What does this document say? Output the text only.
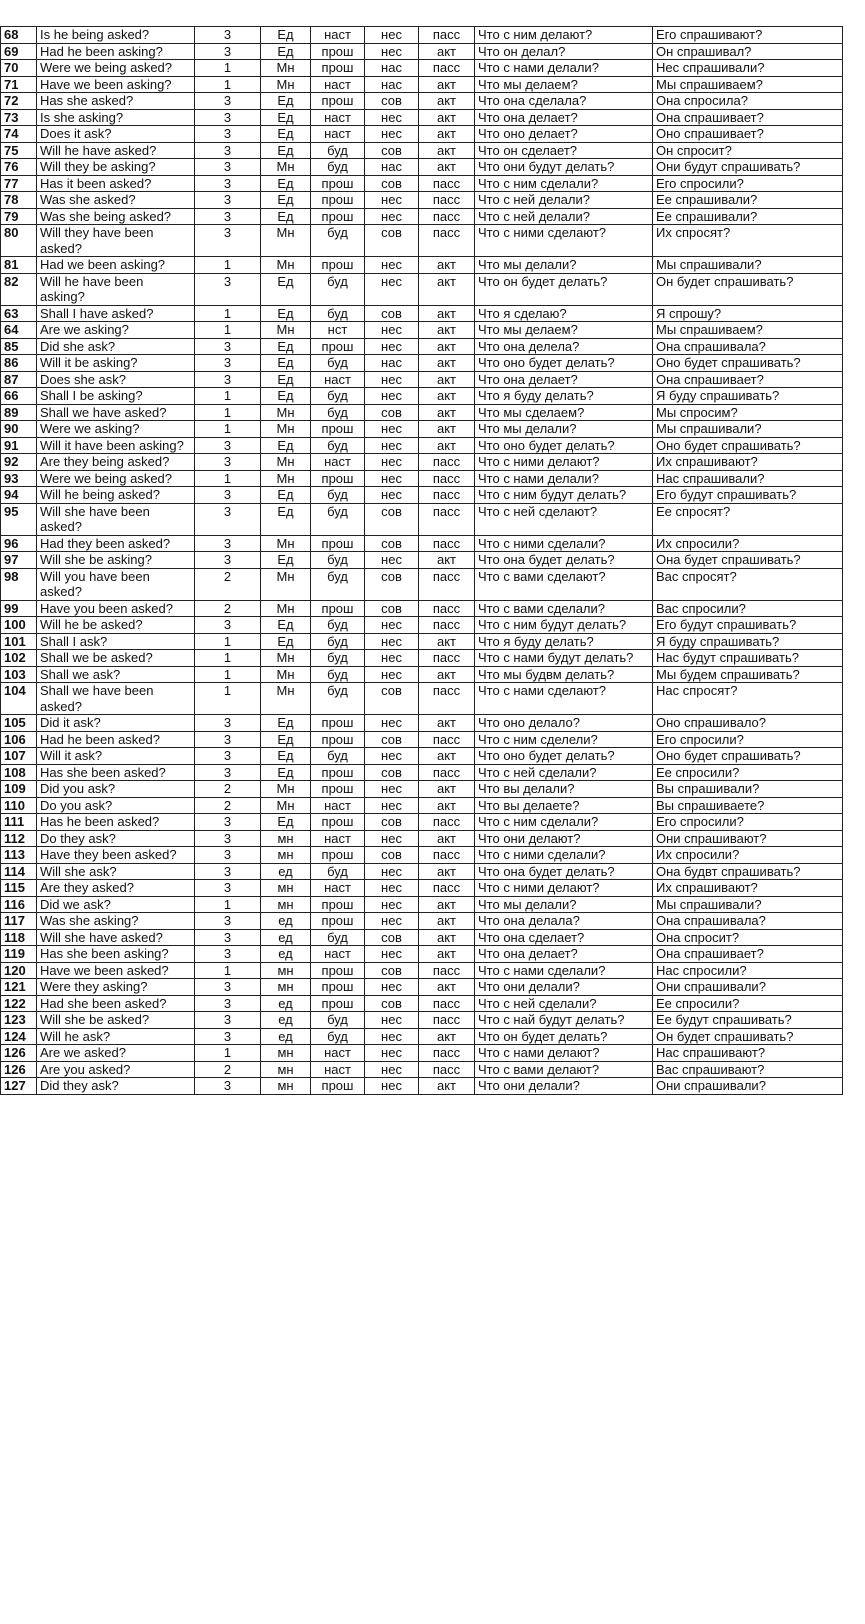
68	Is he being asked?	3	Ед	наст	нес	пасс	Что с ним делают?	Его спрашивают?
69	Had he been asking?	3	Ед	прош	нес	акт	Что он делал?	Он спрашивал?
70	Were we being asked?	1	Мн	прош	нас	пасс	Что с нами делали?	Нес спрашивали?
71	Have we been asking?	1	Мн	наст	нас	акт	Что мы делаем?	Мы спрашиваем?
72	Has she asked?	3	Ед	прош	сов	акт	Что она сделала?	Она спросила?
73	Is she asking?	3	Ед	наст	нес	акт	Что она делает?	Она спрашивает?
74	Does it ask?	3	Ед	наст	нес	акт	Что оно делает?	Оно спрашивает?
75	Will he have asked?	3	Ед	буд	сов	акт	Что он сделает?	Он спросит?
76	Will they be asking?	3	Мн	буд	нас	акт	Что они будут делать?	Они будут спрашивать?
77	Has it been asked?	3	Ед	прош	сов	пасс	Что с ним сделали?	Его спросили?
78	Was she asked?	3	Ед	прош	нес	пасс	Что с ней делали?	Ее спрашивали?
79	Was she being asked?	3	Ед	прош	нес	пасс	Что с ней делали?	Ее спрашивали?
80	Will they have been asked?	3	Мн	буд	сов	пасс	Что с ними сделают?	Их спросят?
81	Had we been asking?	1	Мн	прош	нес	акт	Что мы делали?	Мы спрашивали?
82	Will he have been asking?	3	Ед	буд	нес	акт	Что он будет делать?	Он будет спрашивать?
63	Shall I have asked?	1	Ед	буд	сов	акт	Что я сделаю?	Я спрошу?
64	Are we asking?	1	Мн	нст	нес	акт	Что мы делаем?	Мы спрашиваем?
85	Did she ask?	3	Ед	прош	нес	акт	Что она делела?	Она спрашивала?
86	Will it be asking?	3	Ед	буд	нас	акт	Что оно будет делать?	Оно будет спрашивать?
87	Does she ask?	3	Ед	наст	нес	акт	Что она делает?	Она спрашивает?
66	Shall I be asking?	1	Ед	буд	нес	акт	Что я буду делать?	Я буду спрашивать?
89	Shall we have asked?	1	Мн	буд	сов	акт	Что мы сделаем?	Мы спросим?
90	Were we asking?	1	Мн	прош	нес	акт	Что мы делали?	Мы спрашивали?
91	Will it have been asking?	3	Ед	буд	нес	акт	Что оно будет делать?	Оно будет спрашивать?
92	Are they being asked?	3	Мн	наст	нес	пасс	Что с ними делают?	Их спрашивают?
93	Were we being asked?	1	Мн	прош	нес	пасс	Что с нами делали?	Нас спрашивали?
94	Will he being asked?	3	Ед	буд	нес	пасс	Что с ним будут делать?	Его будут спрашивать?
95	Will she have been asked?	3	Ед	буд	сов	пасс	Что с ней сделают?	Ее спросят?
96	Had they been asked?	3	Мн	прош	сов	пасс	Что с ними сделали?	Их спросили?
97	Will she be asking?	3	Ед	буд	нес	акт	Что она будет делать?	Она будет спрашивать?
98	Will you have been asked?	2	Мн	буд	сов	пасс	Что с вами сделают?	Вас спросят?
99	Have you been asked?	2	Мн	прош	сов	пасс	Что с вами сделали?	Вас спросили?
100	Will he be asked?	3	Ед	буд	нес	пасс	Что с ним будут делать?	Его будут спрашивать?
101	Shall I ask?	1	Ед	буд	нес	акт	Что я буду делать?	Я буду спрашивать?
102	Shall we be asked?	1	Мн	буд	нес	пасс	Что с нами будут делать?	Нас будут спрашивать?
103	Shall we ask?	1	Мн	буд	нес	акт	Что мы будвм делать?	Мы будем спрашивать?
104	Shall we have been asked?	1	Мн	буд	сов	пасс	Что с нами сделают?	Нас спросят?
105	Did it ask?	3	Ед	прош	нес	акт	Что оно делало?	Оно спрашивало?
106	Had he been asked?	3	Ед	прош	сов	пасс	Что с ним сделели?	Его спросили?
107	Will it ask?	3	Ед	буд	нес	акт	Что оно будет делать?	Оно будет спрашивать?
108	Has she been asked?	3	Ед	прош	сов	пасс	Что с ней сделали?	Ее спросили?
109	Did you ask?	2	Мн	прош	нес	акт	Что вы делали?	Вы спрашивали?
110	Do you ask?	2	Мн	наст	нес	акт	Что вы делаете?	Вы спрашиваете?
111	Has he been asked?	3	Ед	прош	сов	пасс	Что с ним сделали?	Его спросили?
112	Do they ask?	3	мн	наст	нес	акт	Что они делают?	Они спрашивают?
113	Have they been asked?	3	мн	прош	сов	пасс	Что с ними сделали?	Их спросили?
114	Will she ask?	3	ед	буд	нес	акт	Что она будет делать?	Она будвт спрашивать?
115	Are they asked?	3	мн	наст	нес	пасс	Что с ними делают?	Их спрашивают?
116	Did we ask?	1	мн	прош	нес	акт	Что мы делали?	Мы спрашивали?
117	Was she asking?	3	ед	прош	нес	акт	Что она делала?	Она спрашивала?
118	Will she have asked?	3	ед	буд	сов	акт	Что она сделает?	Она спросит?
119	Has she been asking?	3	ед	наст	нес	акт	Что она делает?	Она спрашивает?
120	Have we been asked?	1	мн	прош	сов	пасс	Что с нами сделали?	Нас спросили?
121	Were they asking?	3	мн	прош	нес	акт	Что они делали?	Они спрашивали?
122	Had she been asked?	3	ед	прош	сов	пасс	Что с ней сделали?	Ее спросили?
123	Will she be asked?	3	ед	буд	нес	пасс	Что с най будут делать?	Ее будут спрашивать?
124	Will he ask?	3	ед	буд	нес	акт	Что он будет делать?	Он будет спрашивать?
126	Are we asked?	1	мн	наст	нес	пасс	Что с нами делают?	Нас спрашивают?
126	Are you asked?	2	мн	наст	нес	пасс	Что с вами делают?	Вас спрашивают?
127	Did they ask?	3	мн	прош	нес	акт	Что они делали?	Они спрашивали?
